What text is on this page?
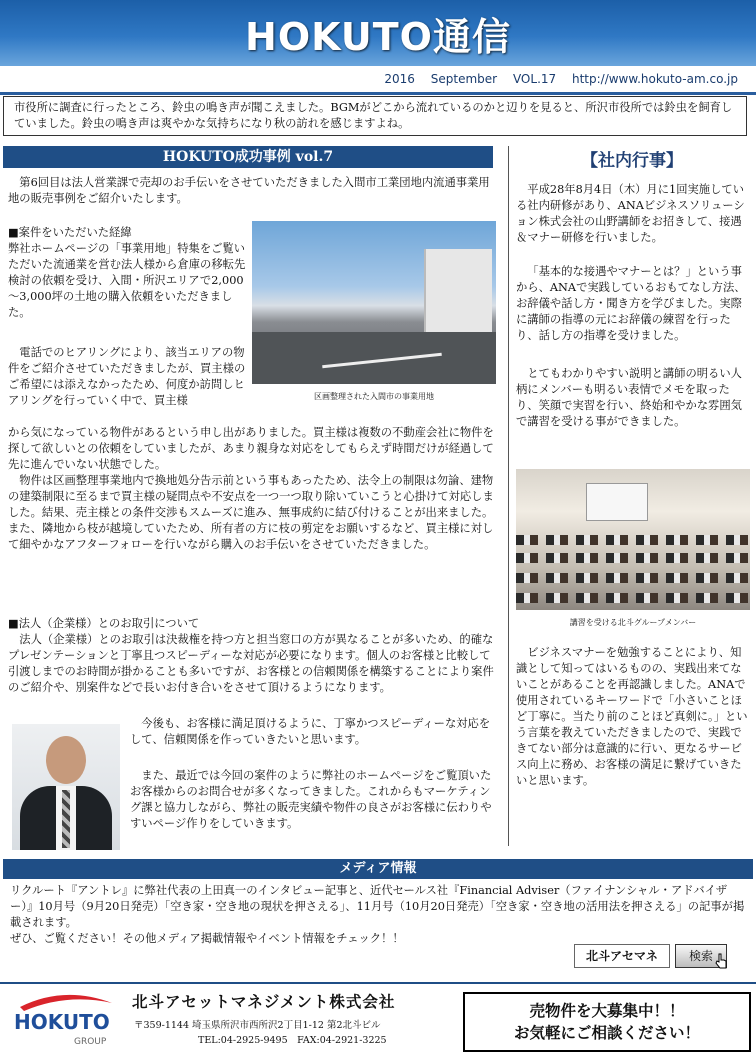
HOKUTO通信
2016 September VOL.17 http://www.hokuto-am.co.jp
市役所に調査に行ったところ、鈴虫の鳴き声が聞こえました。BGMがどこから流れているのかと辺りを見ると、所沢市役所では鈴虫を飼育していました。鈴虫の鳴き声は爽やかな気持ちになり秋の訪れを感じますよね。
HOKUTO成功事例 vol.7
第6回目は法人営業課で売却のお手伝いをさせていただきました入間市工業団地内流通事業用地の販売事例をご紹介いたします。
■案件をいただいた経緯
弊社ホームページの「事業用地」特集をご覧いただいた流通業を営む法人様から倉庫の移転先検討の依頼を受け、入間・所沢エリアで2,000～3,000坪の土地の購入依頼をいただきました。
電話でのヒアリングにより、該当エリアの物件をご紹介させていただきましたが、買主様のご希望には添えなかったため、何度か訪問しヒアリングを行っていく中で、買主様
から気になっている物件があるという申し出がありました。買主様は複数の不動産会社に物件を探して欲しいとの依頼をしていましたが、あまり親身な対応をしてもらえず時間だけが経過して先に進んでいない状態でした。
物件は区画整理事業地内で換地処分告示前という事もあったため、法令上の制限は勿論、建物の建築制限に至るまで買主様の疑問点や不安点を一つ一つ取り除いていこうと心掛けて対応しました。結果、売主様との条件交渉もスムーズに進み、無事成約に結び付けることが出来ました。また、隣地から枝が越境していたため、所有者の方に枝の剪定をお願いするなど、買主様に対して細やかなアフターフォローを行いながら購入のお手伝いをさせていただきました。
区画整理された入間市の事業用地
■法人（企業様）とのお取引について
法人（企業様）とのお取引は決裁権を持つ方と担当窓口の方が異なることが多いため、的確なプレゼンテーションと丁寧且つスピーディーな対応が必要になります。個人のお客様と比較して引渡しまでのお時間が掛かることも多いですが、お客様との信頼関係を構築することにより案件のご紹介や、別案件などで長いお付き合いをさせて頂けるようになります。
今後も、お客様に満足頂けるように、丁寧かつスピーディーな対応をして、信頼関係を作っていきたいと思います。
また、最近では今回の案件のように弊社のホームページをご覧頂いたお客様からのお問合せが多くなってきました。これからもマーケティング課と協力しながら、弊社の販売実績や物件の良さがお客様に伝わりやすいページ作りをしていきます。
【社内行事】
平成28年8月4日（木）月に1回実施している社内研修があり、ANAビジネスソリューション株式会社の山野講師をお招きして、接遇＆マナー研修を行いました。
「基本的な接遇やマナーとは？」という事から、ANAで実践しているおもてなし方法、お辞儀や話し方・聞き方を学びました。実際に講師の指導の元にお辞儀の練習を行ったり、話し方の指導を受けました。
とてもわかりやすい説明と講師の明るい人柄にメンバーも明るい表情でメモを取ったり、笑顔で実習を行い、終始和やかな雰囲気で講習を受ける事ができました。
講習を受ける北斗グループメンバー
ビジネスマナーを勉強することにより、知識として知ってはいるものの、実践出来てないことがあることを再認識しました。ANAで使用されているキーワードで「小さいことほど丁寧に。当たり前のことほど真剣に。」という言葉を教えていただきましたので、実践できてない部分は意識的に行い、更なるサービス向上に務め、お客様の満足に繋げていきたいと思います。
メディア情報
リクルート『アントレ』に弊社代表の上田真一のインタビュー記事と、近代セールス社『Financial Adviser（ファイナンシャル・アドバイザー）』10月号（9月20日発売）「空き家・空き地の現状を押さえる」、11月号（10月20日発売）「空き家・空き地の活用法を押さえる」の記事が掲載されます。
ぜひ、ご覧ください！その他メディア掲載情報やイベント情報をチェック！！
北斗アセマネ	検索
HOKUTO
GROUP
北斗アセットマネジメント株式会社
〒359-1144 埼玉県所沢市西所沢2丁目1-12 第2北斗ビル
TEL:04-2925-9495　FAX:04-2921-3225
売物件を大募集中！！
お気軽にご相談ください！
